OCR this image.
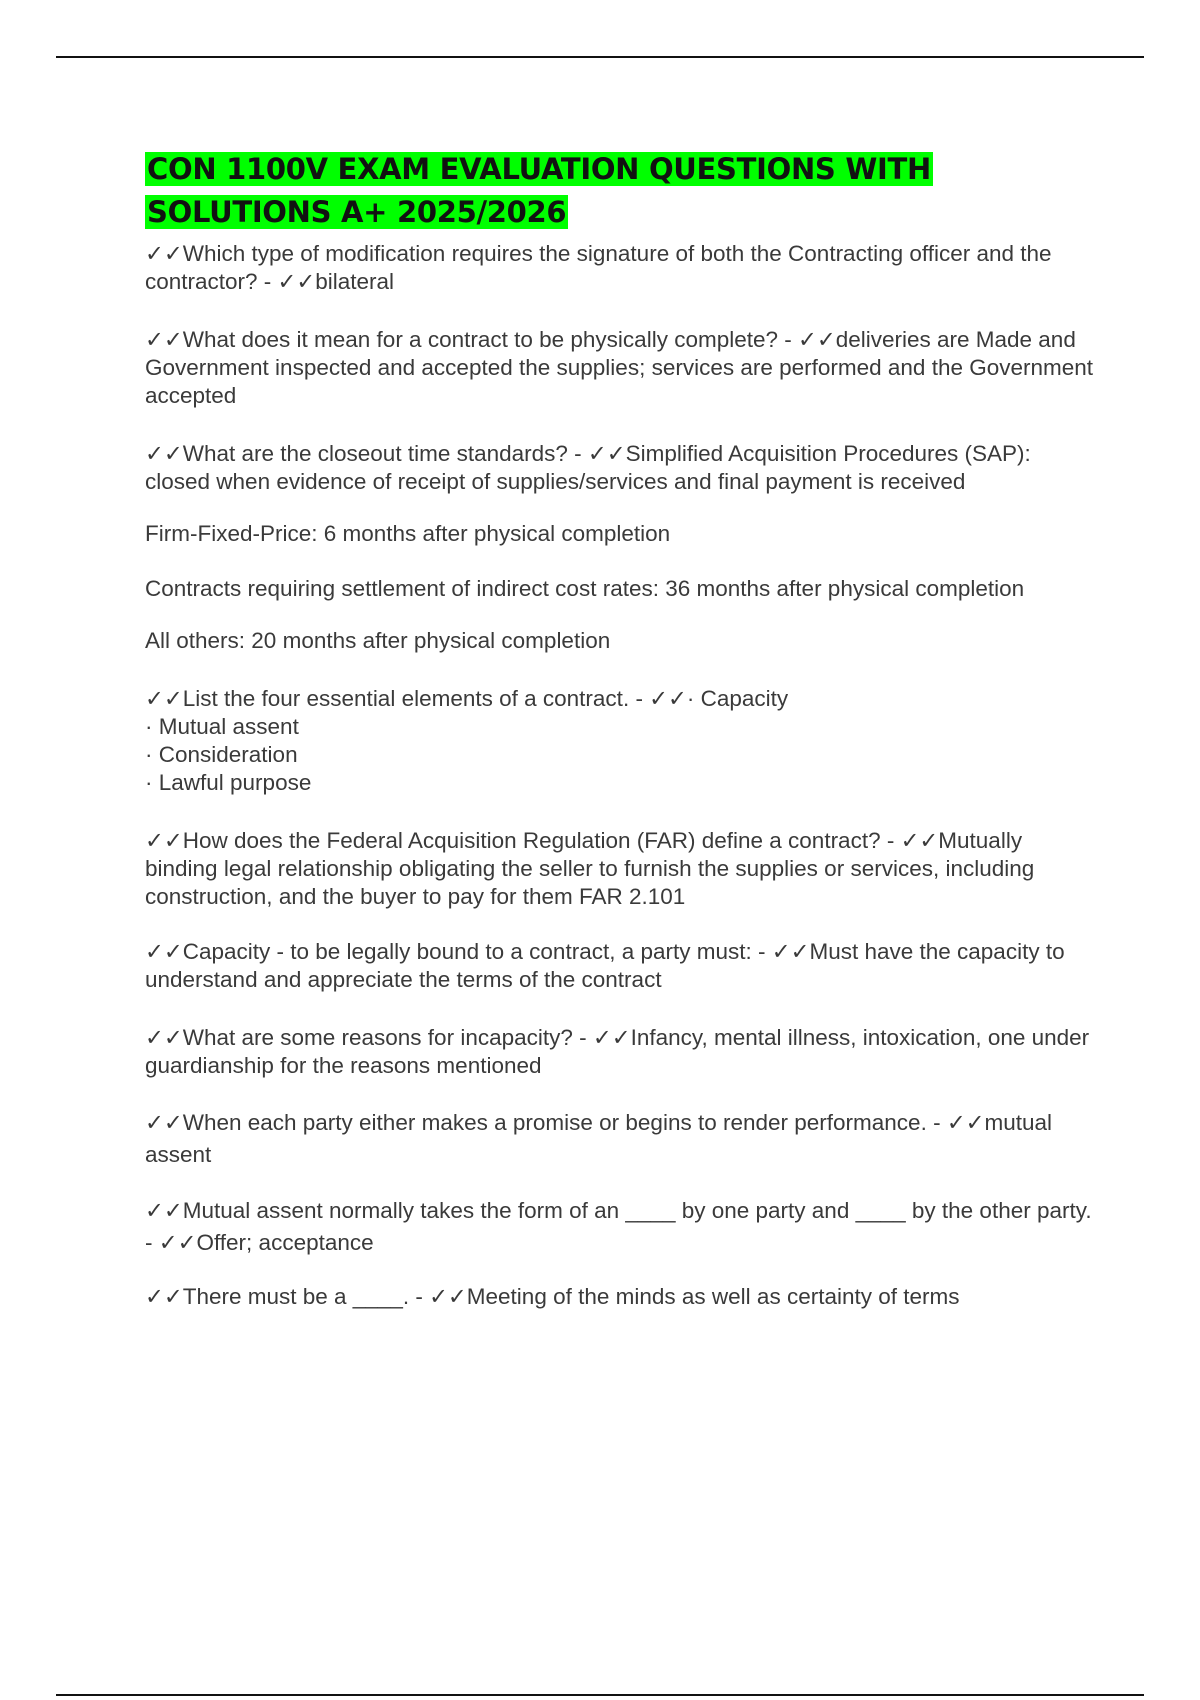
CON 1100V EXAM EVALUATION QUESTIONS WITH SOLUTIONS A+ 2025/2026

✓✓Which type of modification requires the signature of both the Contracting officer and the contractor? - ✓✓bilateral

✓✓What does it mean for a contract to be physically complete? - ✓✓deliveries are Made and Government inspected and accepted the supplies; services are performed and the Government accepted

✓✓What are the closeout time standards? - ✓✓Simplified Acquisition Procedures (SAP): closed when evidence of receipt of supplies/services and final payment is received

Firm-Fixed-Price: 6 months after physical completion

Contracts requiring settlement of indirect cost rates: 36 months after physical completion

All others: 20 months after physical completion

✓✓List the four essential elements of a contract. - ✓✓· Capacity
· Mutual assent
· Consideration
· Lawful purpose

✓✓How does the Federal Acquisition Regulation (FAR) define a contract? - ✓✓Mutually binding legal relationship obligating the seller to furnish the supplies or services, including construction, and the buyer to pay for them FAR 2.101

✓✓Capacity - to be legally bound to a contract, a party must: - ✓✓Must have the capacity to understand and appreciate the terms of the contract

✓✓What are some reasons for incapacity? - ✓✓Infancy, mental illness, intoxication, one under guardianship for the reasons mentioned

✓✓When each party either makes a promise or begins to render performance. - ✓✓mutual assent

✓✓Mutual assent normally takes the form of an ____ by one party and ____ by the other party. - ✓✓Offer; acceptance

✓✓There must be a ____. - ✓✓Meeting of the minds as well as certainty of terms
